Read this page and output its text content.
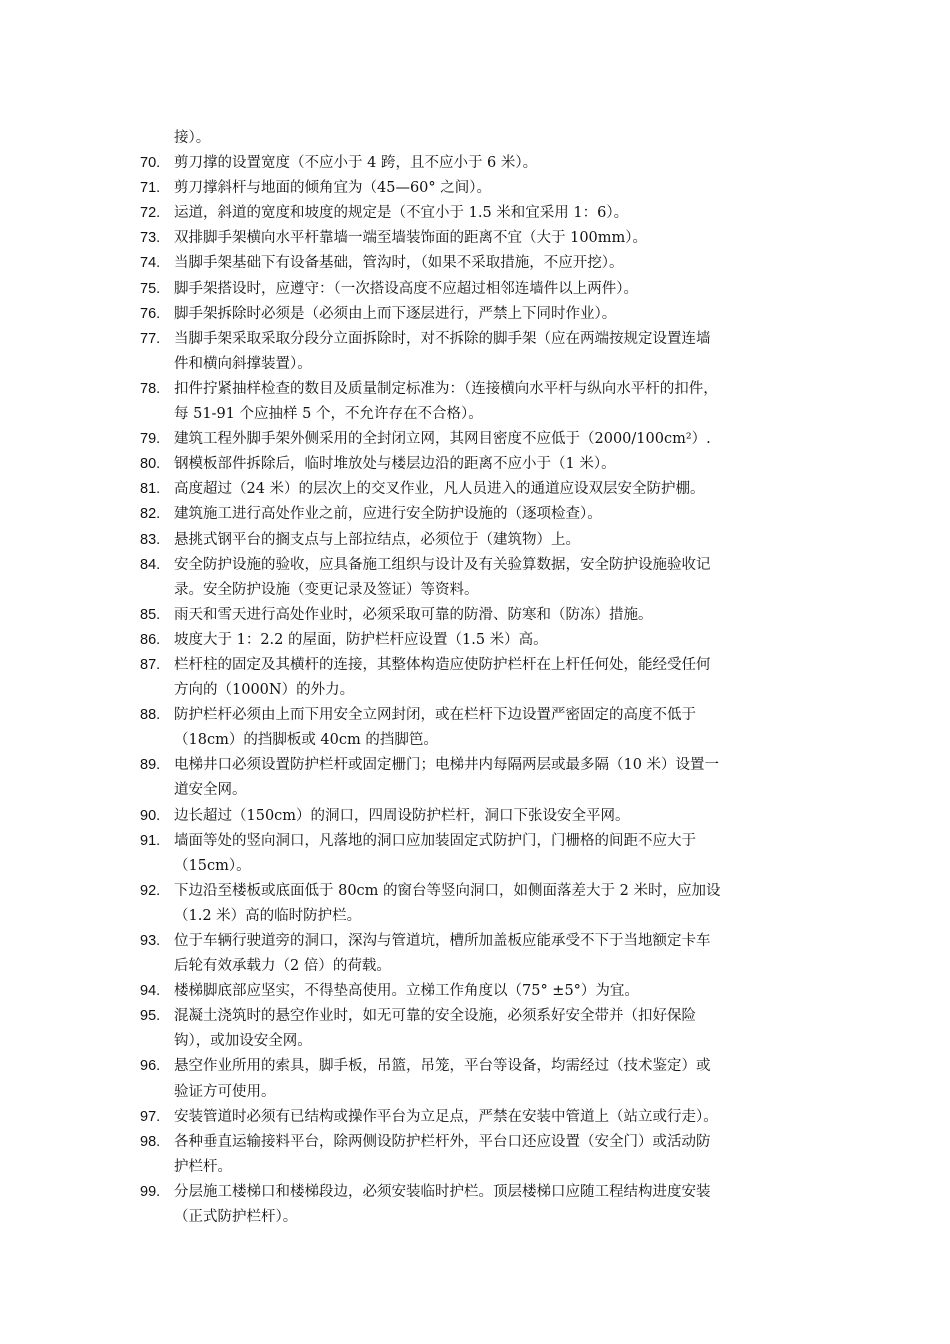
接）。
70. 剪刀撑的设置宽度（不应小于 4 跨，且不应小于 6 米）。
71. 剪刀撑斜杆与地面的倾角宜为（45—60° 之间）。
72. 运道，斜道的宽度和坡度的规定是（不宜小于 1.5 米和宜采用 1：6）。
73. 双排脚手架横向水平杆靠墙一端至墙装饰面的距离不宜（大于 100mm）。
74. 当脚手架基础下有设备基础，管沟时，（如果不采取措施，不应开挖）。
75. 脚手架搭设时，应遵守：（一次搭设高度不应超过相邻连墙件以上两件）。
76. 脚手架拆除时必须是（必须由上而下逐层进行，严禁上下同时作业）。
77. 当脚手架采取采取分段分立面拆除时，对不拆除的脚手架（应在两端按规定设置连墙
件和横向斜撑装置）。
78. 扣件拧紧抽样检查的数目及质量制定标准为：（连接横向水平杆与纵向水平杆的扣件，
每 51-91 个应抽样 5 个，不允许存在不合格）。
79. 建筑工程外脚手架外侧采用的全封闭立网，其网目密度不应低于（2000/100cm²）.
80. 钢模板部件拆除后，临时堆放处与楼层边沿的距离不应小于（1 米）。
81. 高度超过（24 米）的层次上的交叉作业，凡人员进入的通道应设双层安全防护棚。
82. 建筑施工进行高处作业之前，应进行安全防护设施的（逐项检查）。
83. 悬挑式钢平台的搁支点与上部拉结点，必须位于（建筑物）上。
84. 安全防护设施的验收，应具备施工组织与设计及有关验算数据，安全防护设施验收记
录。安全防护设施（变更记录及签证）等资料。
85. 雨天和雪天进行高处作业时，必须采取可靠的防滑、防寒和（防冻）措施。
86. 坡度大于 1：2.2 的屋面，防护栏杆应设置（1.5 米）高。
87. 栏杆柱的固定及其横杆的连接，其整体构造应使防护栏杆在上杆任何处，能经受任何
方向的（1000N）的外力。
88. 防护栏杆必须由上而下用安全立网封闭，或在栏杆下边设置严密固定的高度不低于
（18cm）的挡脚板或 40cm 的挡脚笆。
89. 电梯井口必须设置防护栏杆或固定栅门；电梯井内每隔两层或最多隔（10 米）设置一
道安全网。
90. 边长超过（150cm）的洞口，四周设防护栏杆，洞口下张设安全平网。
91. 墙面等处的竖向洞口，凡落地的洞口应加装固定式防护门，门栅格的间距不应大于
（15cm）。
92. 下边沿至楼板或底面低于 80cm 的窗台等竖向洞口，如侧面落差大于 2 米时，应加设
（1.2 米）高的临时防护栏。
93. 位于车辆行驶道旁的洞口，深沟与管道坑，槽所加盖板应能承受不下于当地额定卡车
后轮有效承载力（2 倍）的荷载。
94. 楼梯脚底部应坚实，不得垫高使用。立梯工作角度以（75° ±5°）为宜。
95. 混凝土浇筑时的悬空作业时，如无可靠的安全设施，必须系好安全带并（扣好保险
钩），或加设安全网。
96. 悬空作业所用的索具，脚手板，吊篮，吊笼，平台等设备，均需经过（技术鉴定）或
验证方可使用。
97. 安装管道时必须有已结构或操作平台为立足点，严禁在安装中管道上（站立或行走）。
98. 各种垂直运输接料平台，除两侧设防护栏杆外，平台口还应设置（安全门）或活动防
护栏杆。
99. 分层施工楼梯口和楼梯段边，必须安装临时护栏。顶层楼梯口应随工程结构进度安装
（正式防护栏杆）。
